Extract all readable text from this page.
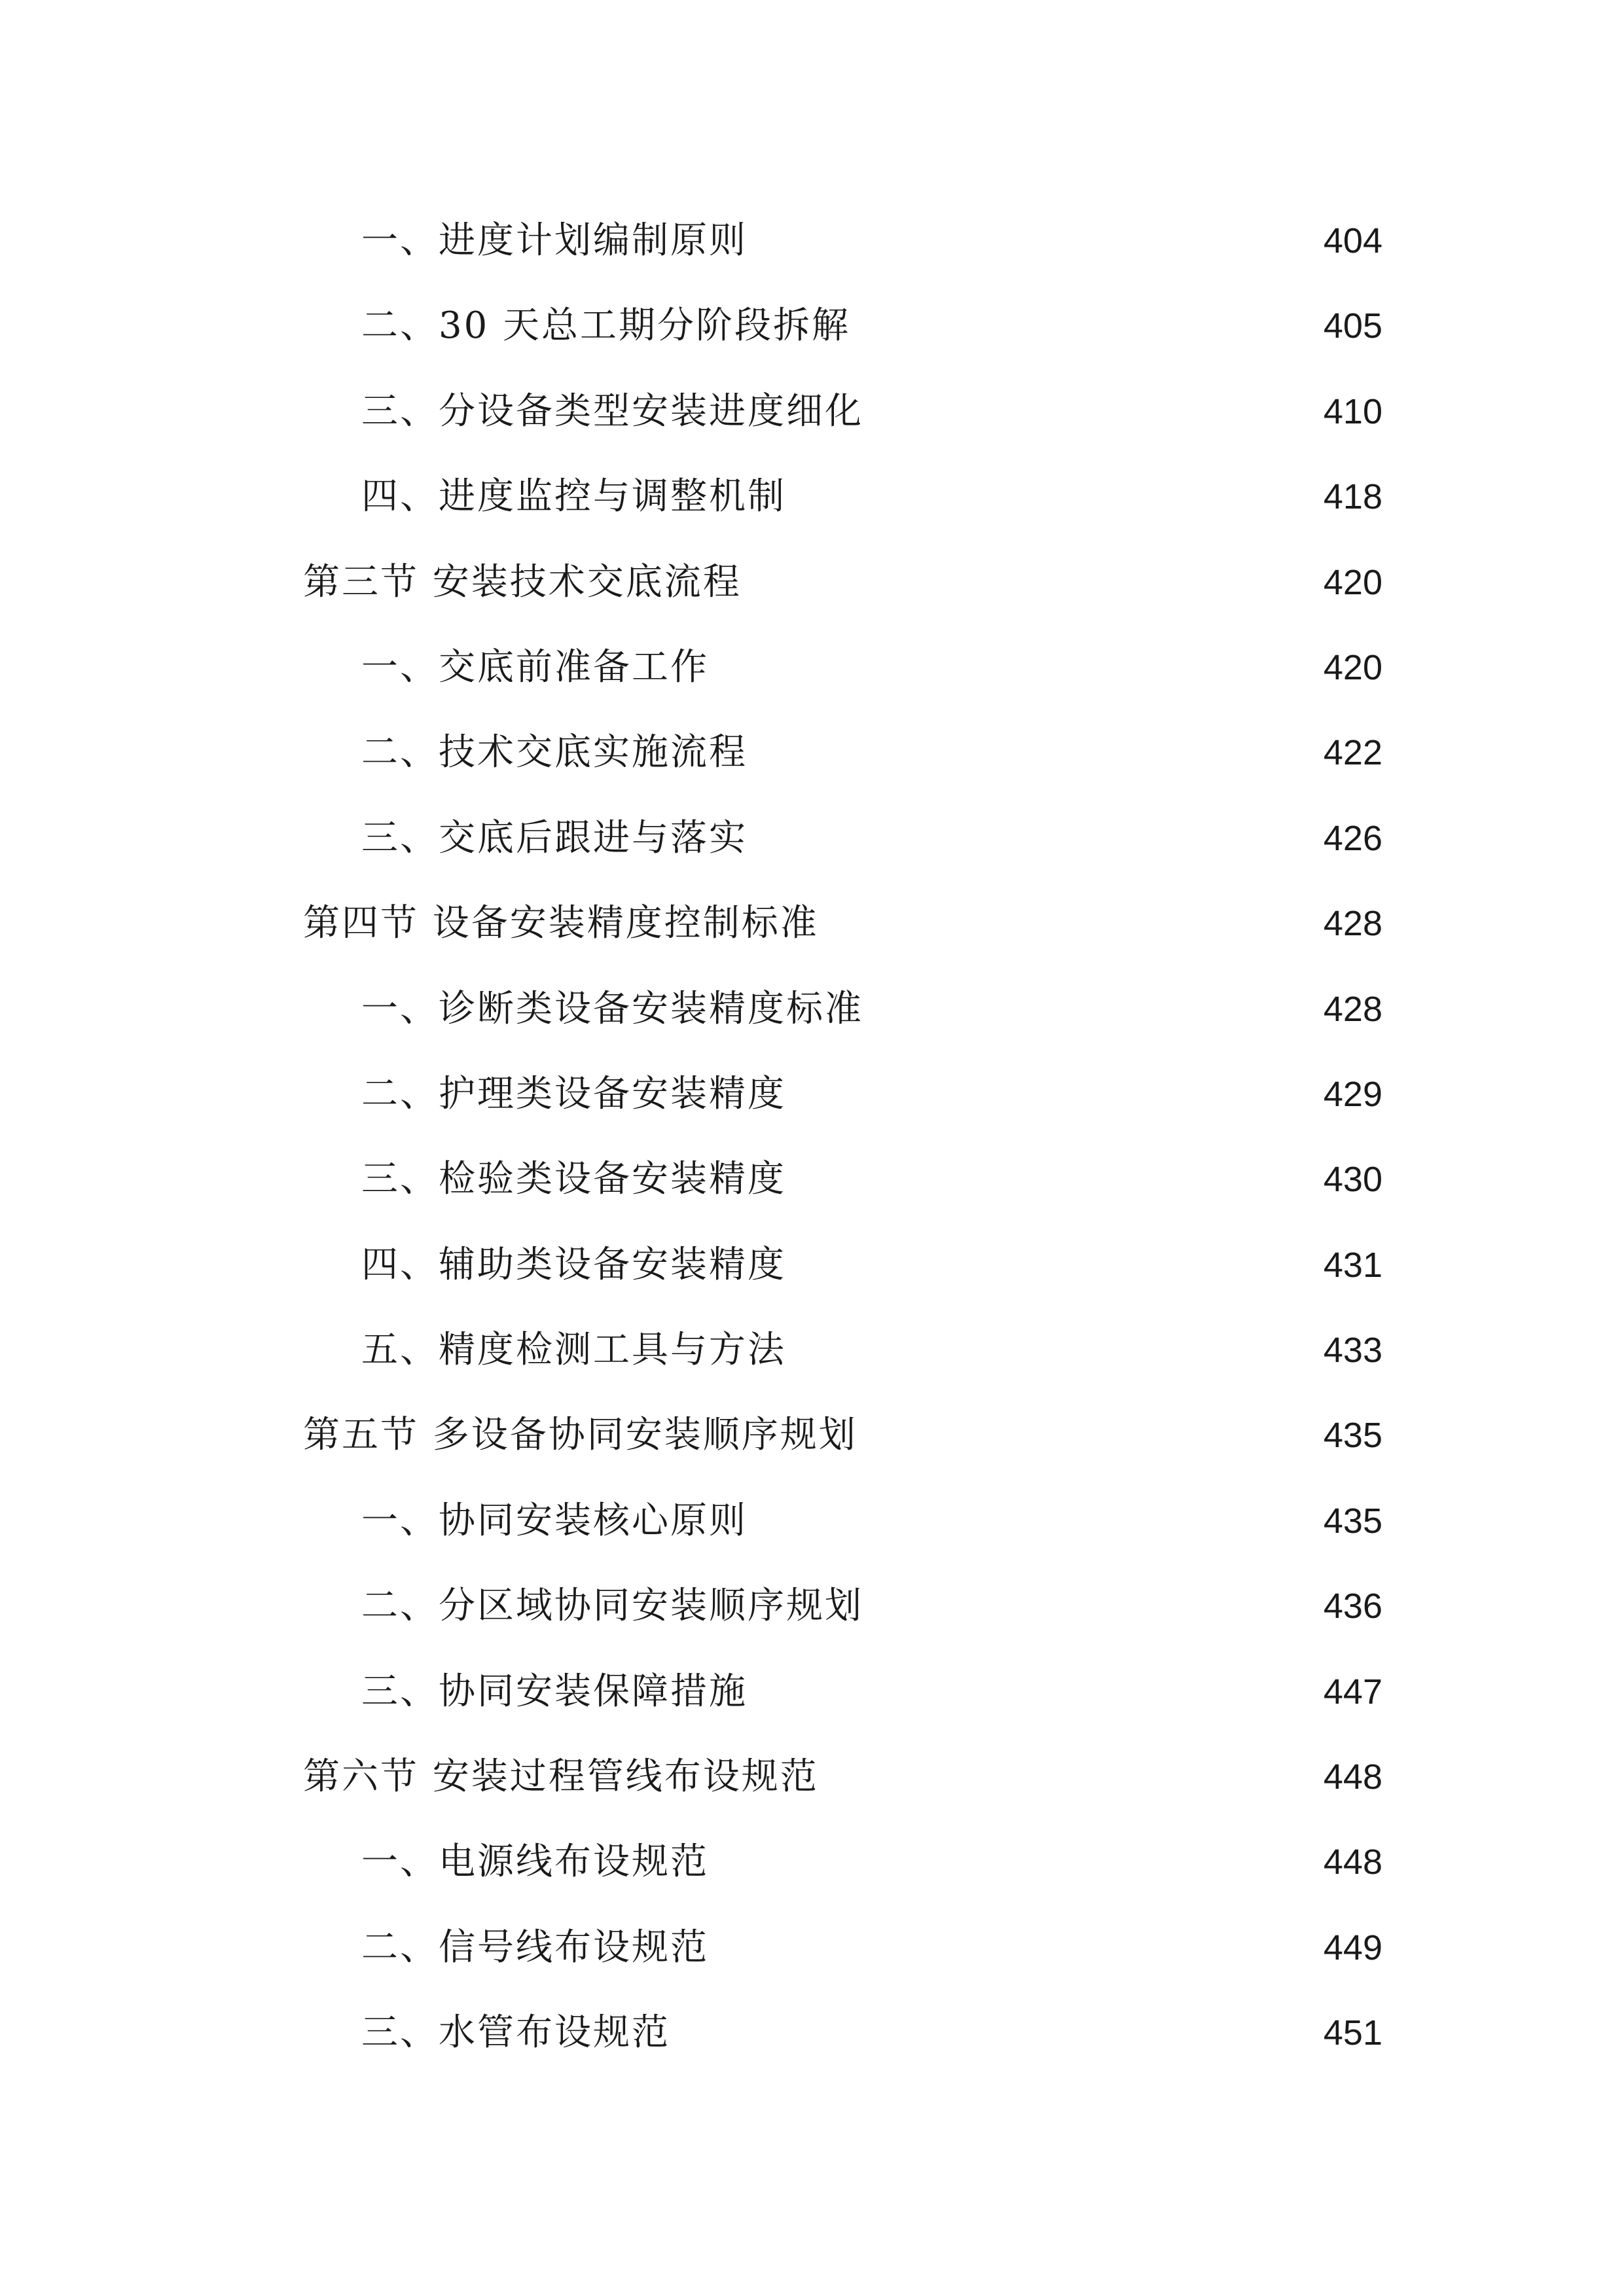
一、进度计划编制原则	404
二、30 天总工期分阶段拆解	405
三、分设备类型安装进度细化	410
四、进度监控与调整机制	418
第三节 安装技术交底流程	420
一、交底前准备工作	420
二、技术交底实施流程	422
三、交底后跟进与落实	426
第四节 设备安装精度控制标准	428
一、诊断类设备安装精度标准	428
二、护理类设备安装精度	429
三、检验类设备安装精度	430
四、辅助类设备安装精度	431
五、精度检测工具与方法	433
第五节 多设备协同安装顺序规划	435
一、协同安装核心原则	435
二、分区域协同安装顺序规划	436
三、协同安装保障措施	447
第六节 安装过程管线布设规范	448
一、电源线布设规范	448
二、信号线布设规范	449
三、水管布设规范	451
